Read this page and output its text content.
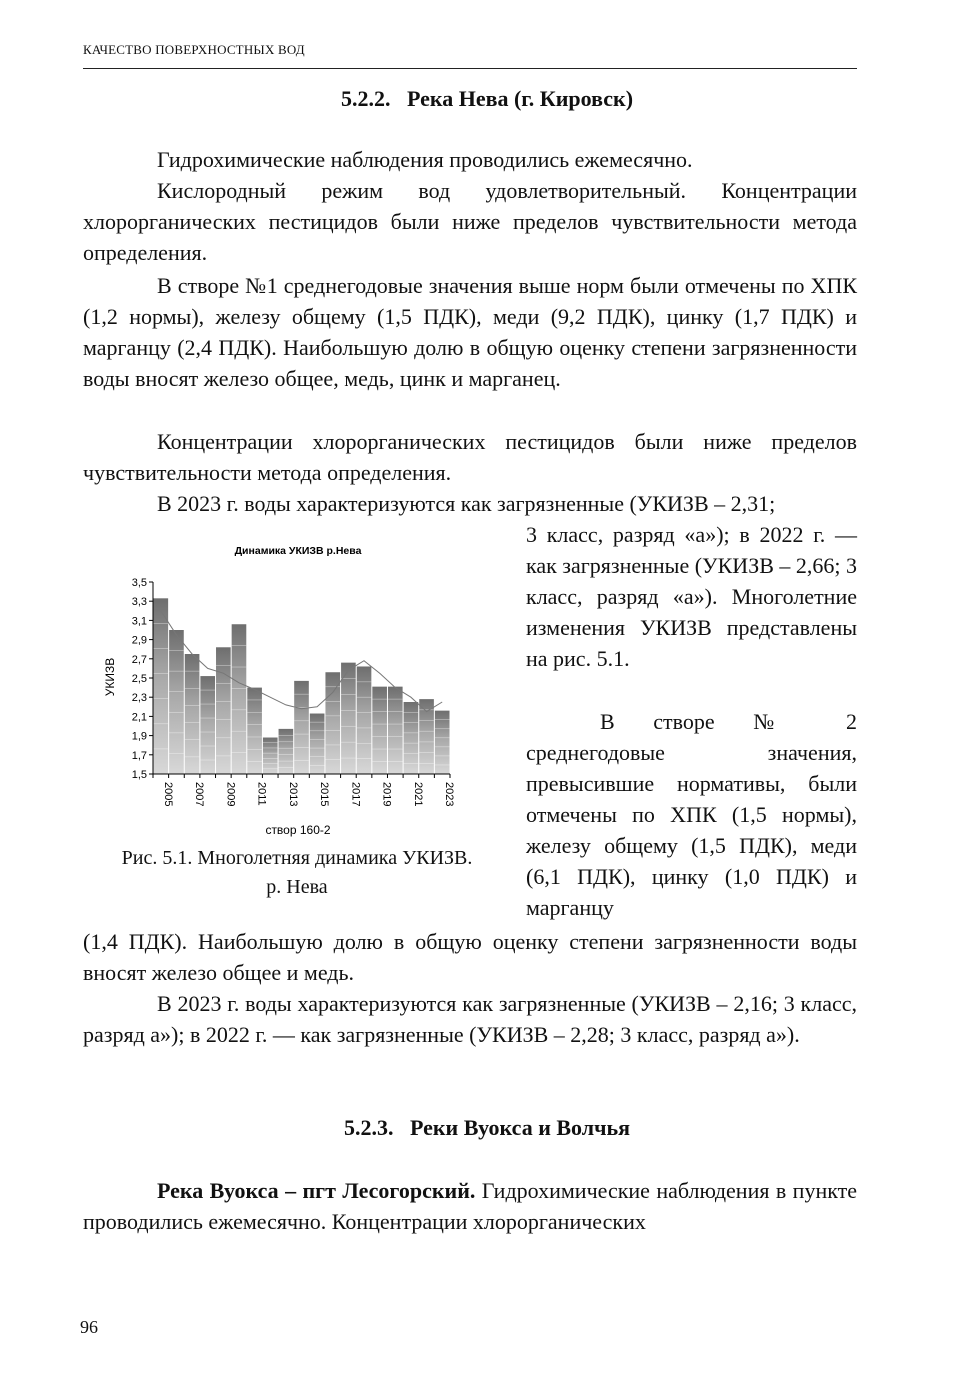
КАЧЕСТВО ПОВЕРХНОСТНЫХ ВОД
5.2.2. Река Нева (г. Кировск)
Гидрохимические наблюдения проводились ежемесячно.
Кислородный режим вод удовлетворительный. Концентрации хлорорганических пестицидов были ниже пределов чувствительности метода определения.
В створе №1 среднегодовые значения выше норм были отмечены по ХПК (1,2 нормы), железу общему (1,5 ПДК), меди (9,2 ПДК), цинку (1,7 ПДК) и марганцу (2,4 ПДК). Наибольшую долю в общую оценку степени загрязненности воды вносят железо общее, медь, цинк и марганец.
Концентрации хлорорганических пестицидов были ниже пределов чувствительности метода определения.
В 2023 г. воды характеризуются как загрязненные (УКИЗВ – 2,31;
3 класс, разряд «а»); в 2022 г. — как загрязненные (УКИЗВ – 2,66; 3 класс, разряд «а»). Многолетние изменения УКИЗВ представлены на рис. 5.1.
В створе № 2 среднегодовые значения, превысившие нормативы, были отмечены по ХПК (1,5 нормы), железу общему (1,5 ПДК), меди (6,1 ПДК), цинку (1,0 ПДК) и марганцу
Динамика УКИЗВ р.Нева
УКИЗВ
створ 160-2
3,5
3,3
3,1
2,9
2,7
2,5
2,3
2,1
1,9
1,7
1,5
2005 2007 2009 2011 2013 2015 2017 2019 2021 2023
Рис. 5.1. Многолетняя динамика УКИЗВ.
р. Нева
(1,4 ПДК). Наибольшую долю в общую оценку степени загрязненности воды вносят железо общее и медь.
В 2023 г. воды характеризуются как загрязненные (УКИЗВ – 2,16; 3 класс, разряд а»); в 2022 г. — как загрязненные (УКИЗВ – 2,28; 3 класс, разряд а»).
5.2.3. Реки Вуокса и Волчья
Река Вуокса – пгт Лесогорский. Гидрохимические наблюдения в пункте проводились ежемесячно. Концентрации хлорорганических
96
